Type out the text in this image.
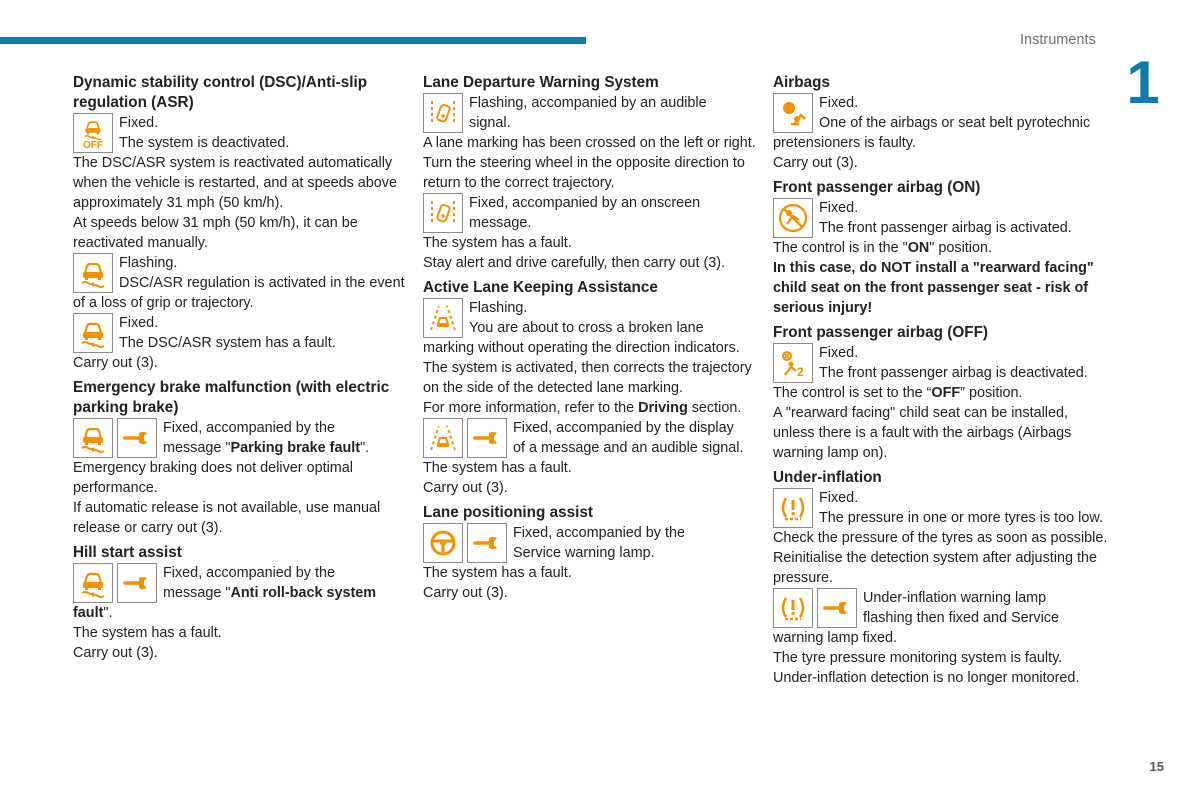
Instruments
1
15
Dynamic stability control (DSC)/Anti-slip regulation (ASR)
OFF

Fixed.

The system is deactivated.

The DSC/ASR system is reactivated automatically when the vehicle is restarted, and at speeds above approximately 31 mph (50 km/h).

At speeds below 31 mph (50 km/h), it can be reactivated manually.

Flashing.

DSC/ASR regulation is activated in the event of a loss of grip or trajectory.

Fixed.

The DSC/ASR system has a fault.

Carry out (3).

Emergency brake malfunction (with electric parking brake)

Fixed, accompanied by the

message "Parking brake fault".

Emergency braking does not deliver optimal performance.

If automatic release is not available, use manual release or carry out (3).

Hill start assist

Fixed, accompanied by the

message "Anti roll-back system fault".

The system has a fault.

Carry out (3).

Lane Departure Warning System

Flashing, accompanied by an audible

signal.

A lane marking has been crossed on the left or right.

Turn the steering wheel in the opposite direction to return to the correct trajectory.

Fixed, accompanied by an onscreen

message.

The system has a fault.

Stay alert and drive carefully, then carry out (3).

Active Lane Keeping Assistance

Flashing.

You are about to cross a broken lane marking without operating the direction indicators.

The system is activated, then corrects the trajectory on the side of the detected lane marking.

For more information, refer to the Driving section.

Fixed, accompanied by the display

of a message and an audible signal.

The system has a fault.

Carry out (3).

Lane positioning assist

Fixed, accompanied by the

Service warning lamp.

The system has a fault.

Carry out (3).

Airbags

Fixed.

One of the airbags or seat belt pyrotechnic pretensioners is faulty.

Carry out (3).

Front passenger airbag (ON)

Fixed.

The front passenger airbag is activated.

The control is in the "ON" position.

In this case, do NOT install a "rearward facing" child seat on the front passenger seat - risk of serious injury!

Front passenger airbag (OFF)

Fixed.

The front passenger airbag is deactivated.

The control is set to the “OFF” position.

A "rearward facing" child seat can be installed, unless there is a fault with the airbags (Airbags warning lamp on).

Under-inflation

Fixed.

The pressure in one or more tyres is too low.

Check the pressure of the tyres as soon as possible.

Reinitialise the detection system after adjusting the pressure.

Under-inflation warning lamp

flashing then fixed and Service warning lamp fixed.

The tyre pressure monitoring system is faulty.

Under-inflation detection is no longer monitored.
